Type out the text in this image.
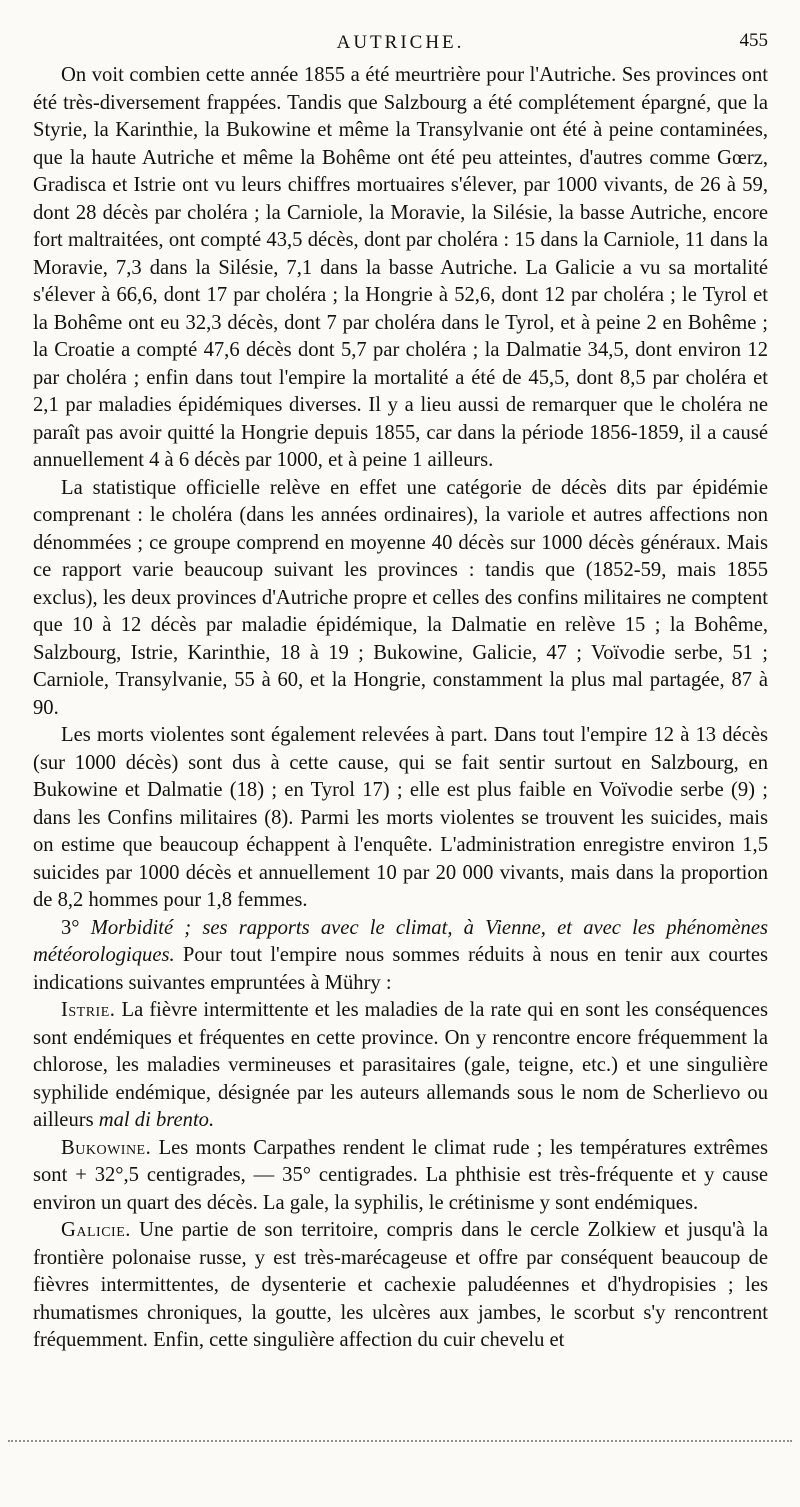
AUTRICHE.	455

On voit combien cette année 1855 a été meurtrière pour l'Autriche. Ses provinces ont été très-diversement frappées. Tandis que Salzbourg a été complétement épargné, que la Styrie, la Karinthie, la Bukowine et même la Transylvanie ont été à peine contaminées, que la haute Autriche et même la Bohême ont été peu atteintes, d'autres comme Gœrz, Gradisca et Istrie ont vu leurs chiffres mortuaires s'élever, par 1000 vivants, de 26 à 59, dont 28 décès par choléra ; la Carniole, la Moravie, la Silésie, la basse Autriche, encore fort maltraitées, ont compté 43,5 décès, dont par choléra : 15 dans la Carniole, 11 dans la Moravie, 7,3 dans la Silésie, 7,1 dans la basse Autriche. La Galicie a vu sa mortalité s'élever à 66,6, dont 17 par choléra ; la Hongrie à 52,6, dont 12 par choléra ; le Tyrol et la Bohême ont eu 32,3 décès, dont 7 par choléra dans le Tyrol, et à peine 2 en Bohême ; la Croatie a compté 47,6 décès dont 5,7 par choléra ; la Dalmatie 34,5, dont environ 12 par choléra ; enfin dans tout l'empire la mortalité a été de 45,5, dont 8,5 par choléra et 2,1 par maladies épidémiques diverses. Il y a lieu aussi de remarquer que le choléra ne paraît pas avoir quitté la Hongrie depuis 1855, car dans la période 1856-1859, il a causé annuellement 4 à 6 décès par 1000, et à peine 1 ailleurs.

La statistique officielle relève en effet une catégorie de décès dits par épidémie comprenant : le choléra (dans les années ordinaires), la variole et autres affections non dénommées ; ce groupe comprend en moyenne 40 décès sur 1000 décès généraux. Mais ce rapport varie beaucoup suivant les provinces : tandis que (1852-59, mais 1855 exclus), les deux provinces d'Autriche propre et celles des confins militaires ne comptent que 10 à 12 décès par maladie épidémique, la Dalmatie en relève 15 ; la Bohême, Salzbourg, Istrie, Karinthie, 18 à 19 ; Bukowine, Galicie, 47 ; Voïvodie serbe, 51 ; Carniole, Transylvanie, 55 à 60, et la Hongrie, constamment la plus mal partagée, 87 à 90.

Les morts violentes sont également relevées à part. Dans tout l'empire 12 à 13 décès (sur 1000 décès) sont dus à cette cause, qui se fait sentir surtout en Salzbourg, en Bukowine et Dalmatie (18) ; en Tyrol 17) ; elle est plus faible en Voïvodie serbe (9) ; dans les Confins militaires (8). Parmi les morts violentes se trouvent les suicides, mais on estime que beaucoup échappent à l'enquête. L'administration enregistre environ 1,5 suicides par 1000 décès et annuellement 10 par 20 000 vivants, mais dans la proportion de 8,2 hommes pour 1,8 femmes.

3° Morbidité ; ses rapports avec le climat, à Vienne, et avec les phénomènes météorologiques. Pour tout l'empire nous sommes réduits à nous en tenir aux courtes indications suivantes empruntées à Mühry :

Istrie. La fièvre intermittente et les maladies de la rate qui en sont les conséquences sont endémiques et fréquentes en cette province. On y rencontre encore fréquemment la chlorose, les maladies vermineuses et parasitaires (gale, teigne, etc.) et une singulière syphilide endémique, désignée par les auteurs allemands sous le nom de Scherlievo ou ailleurs mal di brento.

Bukowine. Les monts Carpathes rendent le climat rude ; les températures extrêmes sont + 32°,5 centigrades, — 35° centigrades. La phthisie est très-fréquente et y cause environ un quart des décès. La gale, la syphilis, le crétinisme y sont endémiques.

Galicie. Une partie de son territoire, compris dans le cercle Zolkiew et jusqu'à la frontière polonaise russe, y est très-marécageuse et offre par conséquent beaucoup de fièvres intermittentes, de dysenterie et cachexie paludéennes et d'hydropisies ; les rhumatismes chroniques, la goutte, les ulcères aux jambes, le scorbut s'y rencontrent fréquemment. Enfin, cette singulière affection du cuir chevelu et
